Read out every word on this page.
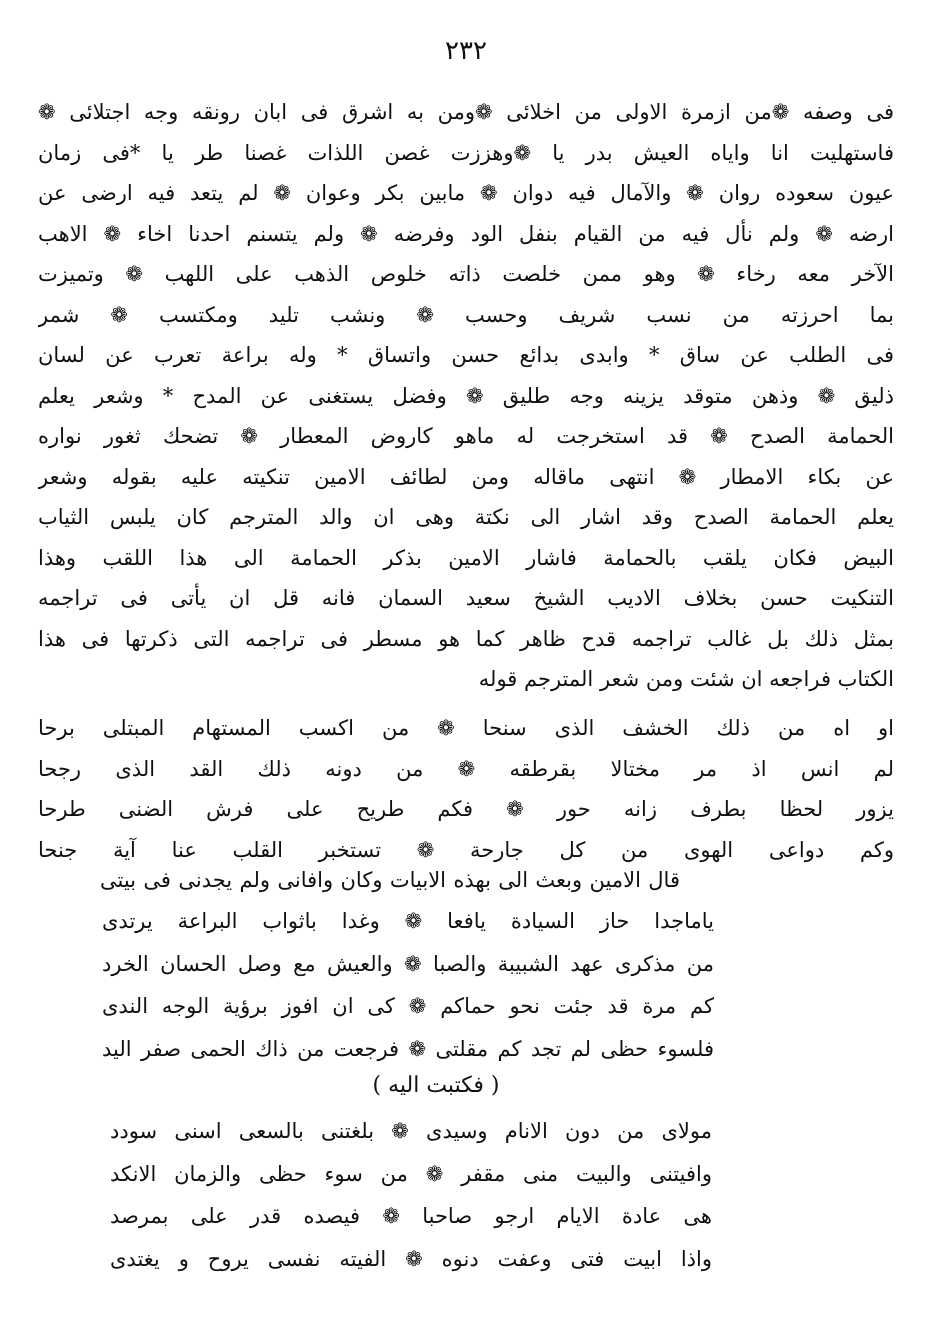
٢٣٢
فى وصفه ❁من ازمرة الاولى من اخلائى ❁ومن به اشرق فى ابان رونقه وجه اجتلائى ❁
فاستهليت انا واياه العيش بدر يا ❁وهززت غصن اللذات غصنا طر يا *فى زمان
عيون سعوده روان ❁ والآمال فيه دوان ❁ مابين بكر وعوان ❁ لم يتعد فيه ارضى عن
ارضه ❁ ولم نأل فيه من القيام بنفل الود وفرضه ❁ ولم يتسنم احدنا اخاء ❁ الاهب
الآخر معه رخاء ❁ وهو ممن خلصت ذاته خلوص الذهب على اللهب ❁ وتميزت
بما احرزته من نسب شريف وحسب ❁ ونشب تليد ومكتسب ❁ شمر
فى الطلب عن ساق * وابدى بدائع حسن واتساق * وله براعة تعرب عن لسان
ذليق ❁ وذهن متوقد يزينه وجه طليق ❁ وفضل يستغنى عن المدح * وشعر يعلم
الحمامة الصدح ❁ قد استخرجت له ماهو كاروض المعطار ❁ تضحك ثغور نواره
عن بكاء الامطار ❁ انتهى ماقاله ومن لطائف الامين تنكيته عليه بقوله وشعر
يعلم الحمامة الصدح وقد اشار الى نكتة وهى ان والد المترجم كان يلبس الثياب
البيض فكان يلقب بالحمامة فاشار الامين بذكر الحمامة الى هذا اللقب وهذا
التنكيت حسن بخلاف الاديب الشيخ سعيد السمان فانه قل ان يأتى فى تراجمه
بمثل ذلك بل غالب تراجمه قدح ظاهر كما هو مسطر فى تراجمه التى ذكرتها فى هذا
الكتاب فراجعه ان شئت ومن شعر المترجم قوله
او اه من ذلك الخشف الذى سنحا ❁ من اكسب المستهام المبتلى برحا
لم انس اذ مر مختالا بقرطقه ❁ من دونه ذلك القد الذى رجحا
يزور لحظا بطرف زانه حور ❁ فكم طريح على فرش الضنى طرحا
وكم دواعى الهوى من كل جارحة ❁ تستخبر القلب عنا آية جنحا
قال الامين وبعث الى بهذه الابيات وكان وافانى ولم يجدنى فى بيتى
ياماجدا حاز السيادة يافعا ❁ وغدا باثواب البراعة يرتدى
من مذكرى عهد الشبيبة والصبا ❁ والعيش مع وصل الحسان الخرد
كم مرة قد جئت نحو حماكم ❁ كى ان افوز برؤية الوجه الندى
فلسوء حظى لم تجد كم مقلتى ❁ فرجعت من ذاك الحمى صفر اليد
( فكتبت اليه )
مولاى من دون الانام وسيدى ❁ بلغتنى بالسعى اسنى سودد
وافيتنى والبيت منى مقفر ❁ من سوء حظى والزمان الانكد
هى عادة الايام ارجو صاحبا ❁ فيصده قدر على بمرصد
واذا ابيت فتى وعفت دنوه ❁ الفيته نفسى يروح و يغتدى
